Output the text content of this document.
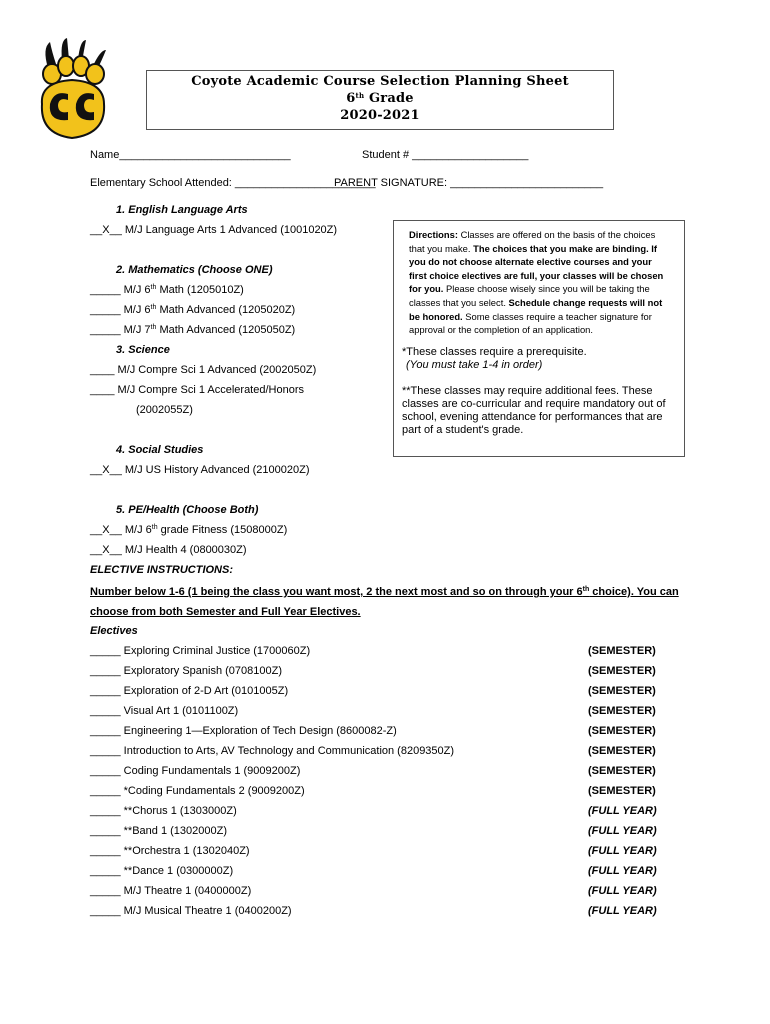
Coyote Academic Course Selection Planning Sheet
6th Grade
2020-2021
Name____________________________	Student # ___________________
Elementary School Attended: _______________________
PARENT SIGNATURE: _________________________
1. English Language Arts
__X__ M/J Language Arts 1 Advanced (1001020Z)
2. Mathematics (Choose ONE)
_____ M/J 6th Math (1205010Z)
_____ M/J 6th Math Advanced (1205020Z)
_____ M/J 7th Math Advanced (1205050Z)
3. Science
____ M/J Compre Sci 1 Advanced (2002050Z)
____ M/J Compre Sci 1 Accelerated/Honors
(2002055Z)
Directions: Classes are offered on the basis of the choices that you make. The choices that you make are binding. If you do not choose alternate elective courses and your first choice electives are full, your classes will be chosen for you. Please choose wisely since you will be taking the classes that you select. Schedule change requests will not be honored. Some classes require a teacher signature for approval or the completion of an application.
*These classes require a prerequisite.
(You must take 1-4 in order)
**These classes may require additional fees. These classes are co-curricular and require mandatory out of school, evening attendance for performances that are part of a student's grade.
4. Social Studies
__X__ M/J US History Advanced (2100020Z)
5. PE/Health (Choose Both)
__X__ M/J 6th grade Fitness (1508000Z)
__X__ M/J Health 4 (0800030Z)
ELECTIVE INSTRUCTIONS:
Number below 1-6 (1 being the class you want most, 2 the next most and so on through your 6th choice). You can choose from both Semester and Full Year Electives.
Electives
_____ Exploring Criminal Justice (1700060Z)	(SEMESTER)
_____ Exploratory Spanish (0708100Z)	(SEMESTER)
_____ Exploration of 2-D Art (0101005Z)	(SEMESTER)
_____ Visual Art 1 (0101100Z)	(SEMESTER)
_____ Engineering 1—Exploration of Tech Design (8600082-Z)	(SEMESTER)
_____ Introduction to Arts, AV Technology and Communication (8209350Z)	(SEMESTER)
_____ Coding Fundamentals 1 (9009200Z)	(SEMESTER)
_____ *Coding Fundamentals 2 (9009200Z)	(SEMESTER)
_____ **Chorus 1 (1303000Z)	(FULL YEAR)
_____ **Band 1 (1302000Z)	(FULL YEAR)
_____ **Orchestra 1 (1302040Z)	(FULL YEAR)
_____ **Dance 1 (0300000Z)	(FULL YEAR)
_____ M/J Theatre 1 (0400000Z)	(FULL YEAR)
_____ M/J Musical Theatre 1 (0400200Z)	(FULL YEAR)
